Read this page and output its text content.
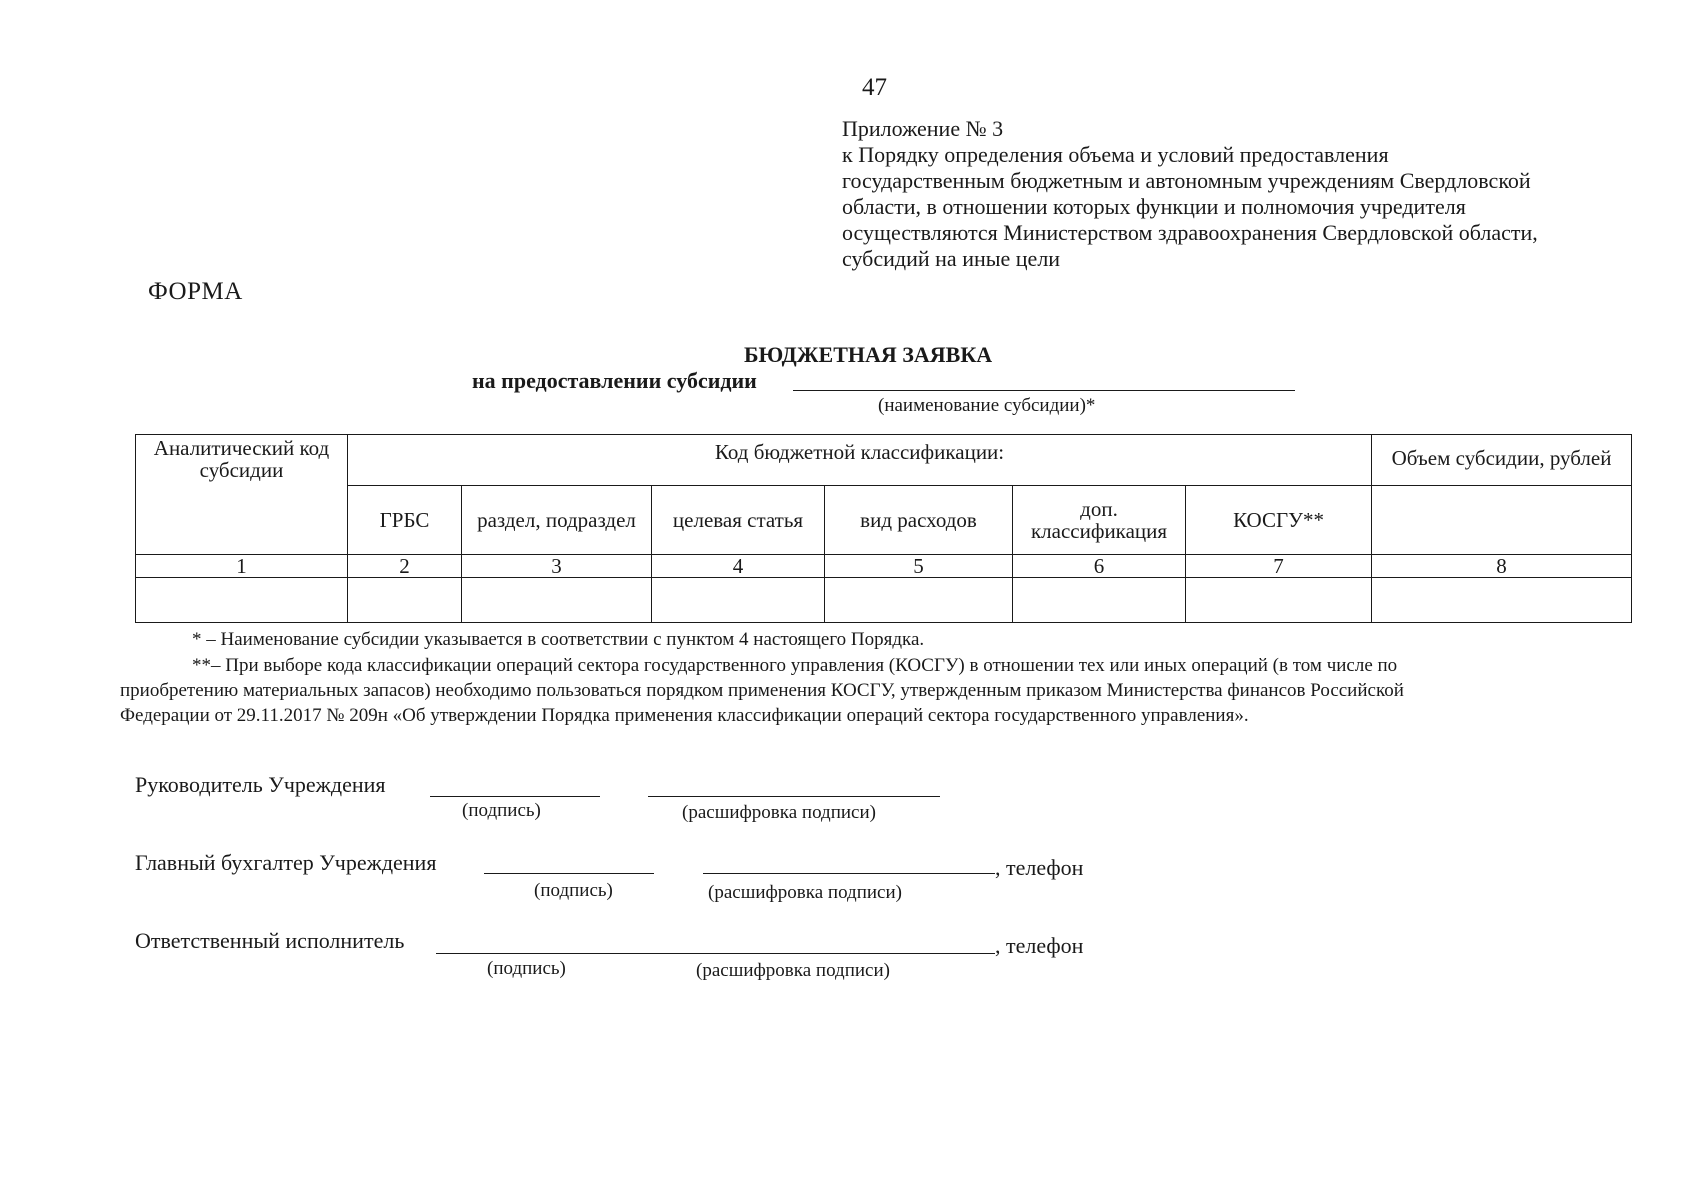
47
Приложение № 3
к Порядку определения объема и условий предоставления
государственным бюджетным и автономным учреждениям Свердловской
области, в отношении которых функции и полномочия учредителя
осуществляются Министерством здравоохранения Свердловской области,
субсидий на иные цели
ФОРМА
БЮДЖЕТНАЯ ЗАЯВКА
на предоставлении субсидии
(наименование субсидии)*
Аналитический код субсидии	Код бюджетной классификации:						Объем субсидии, рублей
	ГРБС	раздел, подраздел	целевая статья	вид расходов	доп. классификация	КОСГУ**	
1	2	3	4	5	6	7	8

* – Наименование субсидии указывается в соответствии с пунктом 4 настоящего Порядка.
**– При выборе кода классификации операций сектора государственного управления (КОСГУ) в отношении тех или иных операций (в том числе по
приобретению материальных запасов) необходимо пользоваться порядком применения КОСГУ, утвержденным приказом Министерства финансов Российской
Федерации от 29.11.2017 № 209н «Об утверждении Порядка применения классификации операций сектора государственного управления».
Руководитель Учреждения
(подпись)	(расшифровка подписи)
Главный бухгалтер Учреждения	, телефон
(подпись)	(расшифровка подписи)
Ответственный исполнитель	, телефон
(подпись)	(расшифровка подписи)
